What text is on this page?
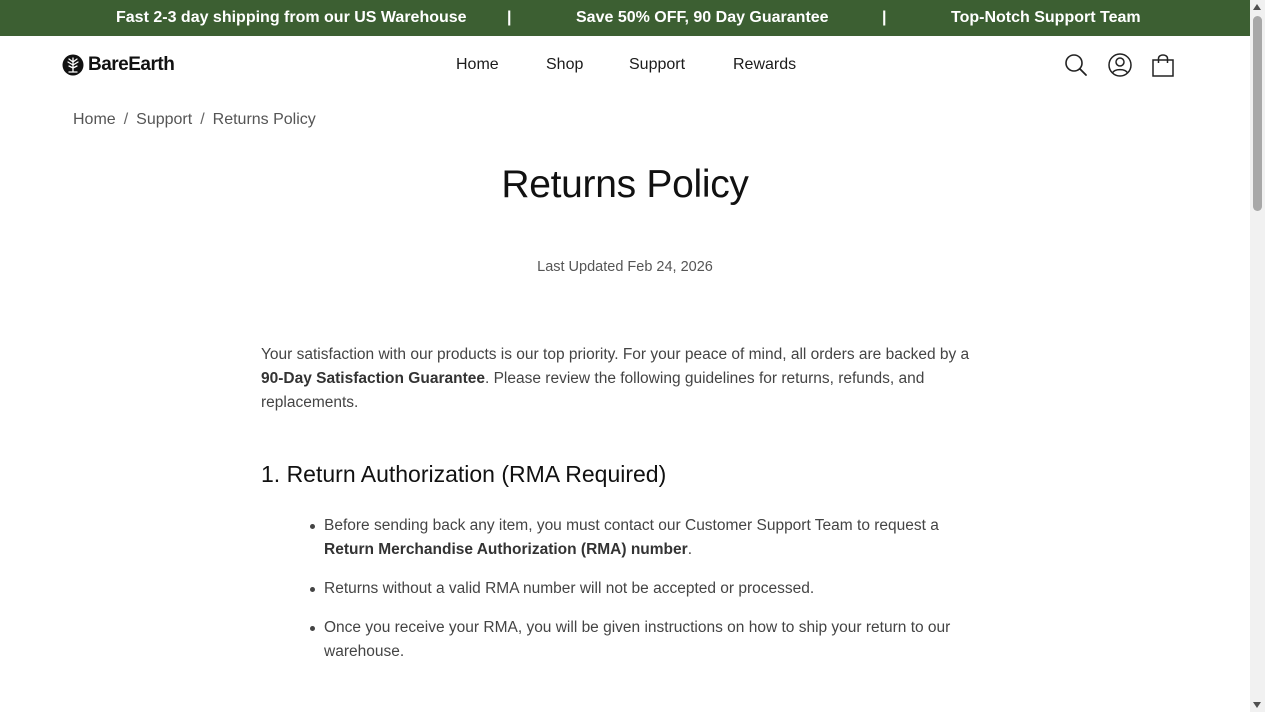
Fast 2-3 day shipping from our US Warehouse	|	Save 50% OFF, 90 Day Guarantee	|	Top-Notch Support Team
BareEarth	Home	Shop	Support	Rewards
Home / Support / Returns Policy
Returns Policy
Last Updated Feb 24, 2026

Your satisfaction with our products is our top priority. For your peace of mind, all orders are backed by a 90-Day Satisfaction Guarantee. Please review the following guidelines for returns, refunds, and replacements.

1. Return Authorization (RMA Required)
Before sending back any item, you must contact our Customer Support Team to request a Return Merchandise Authorization (RMA) number.
Returns without a valid RMA number will not be accepted or processed.
Once you receive your RMA, you will be given instructions on how to ship your return to our warehouse.
